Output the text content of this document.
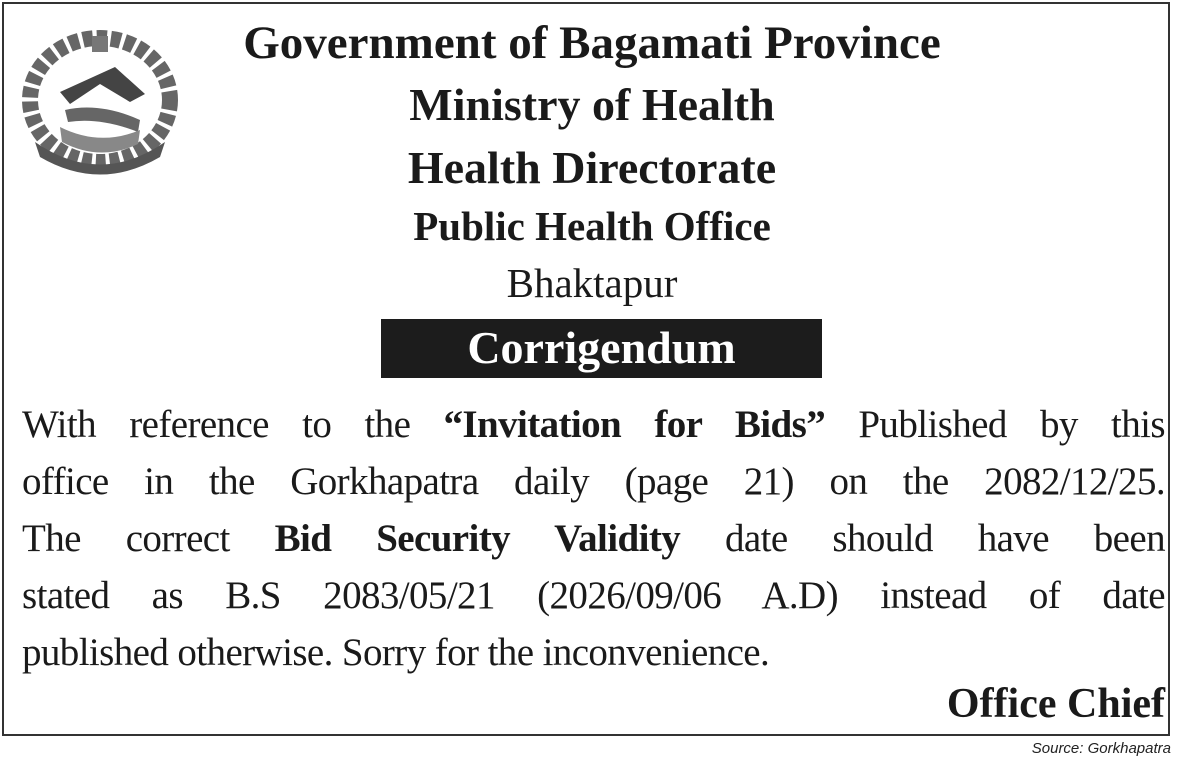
Government of Bagamati Province
Ministry of Health
Health Directorate
Public Health Office
Bhaktapur
Corrigendum
With reference to the “Invitation for Bids” Published by this
office in the Gorkhapatra daily (page 21) on the 2082/12/25.
The correct Bid Security Validity date should have been
stated as B.S 2083/05/21 (2026/09/06 A.D) instead of date
published otherwise. Sorry for the inconvenience.
Office Chief
Source: Gorkhapatra
